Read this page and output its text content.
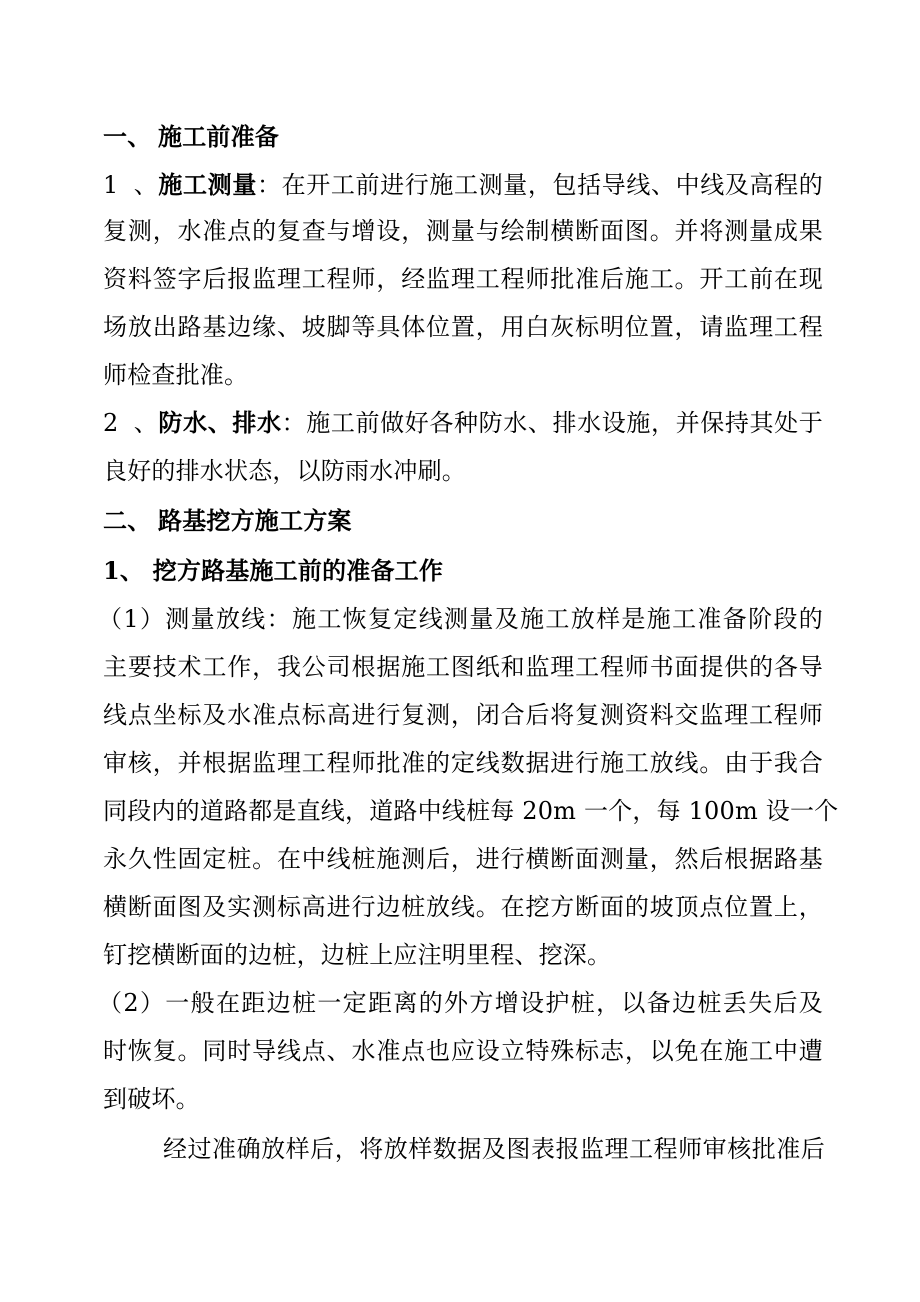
一、 施工前准备
1、施工测量：在开工前进行施工测量，包括导线、中线及高程的
复测，水准点的复查与增设，测量与绘制横断面图。并将测量成果
资料签字后报监理工程师，经监理工程师批准后施工。开工前在现
场放出路基边缘、坡脚等具体位置，用白灰标明位置，请监理工程
师检查批准。
2、防水、排水：施工前做好各种防水、排水设施，并保持其处于
良好的排水状态，以防雨水冲刷。
二、 路基挖方施工方案
1、 挖方路基施工前的准备工作
（1）测量放线：施工恢复定线测量及施工放样是施工准备阶段的
主要技术工作，我公司根据施工图纸和监理工程师书面提供的各导
线点坐标及水准点标高进行复测，闭合后将复测资料交监理工程师
审核，并根据监理工程师批准的定线数据进行施工放线。由于我合
同段内的道路都是直线，道路中线桩每 20m 一个，每 100m 设一个
永久性固定桩。在中线桩施测后，进行横断面测量，然后根据路基
横断面图及实测标高进行边桩放线。在挖方断面的坡顶点位置上，
钉挖横断面的边桩，边桩上应注明里程、挖深。
（2）一般在距边桩一定距离的外方增设护桩，以备边桩丢失后及
时恢复。同时导线点、水准点也应设立特殊标志，以免在施工中遭
到破坏。
经过准确放样后，将放样数据及图表报监理工程师审核批准后
